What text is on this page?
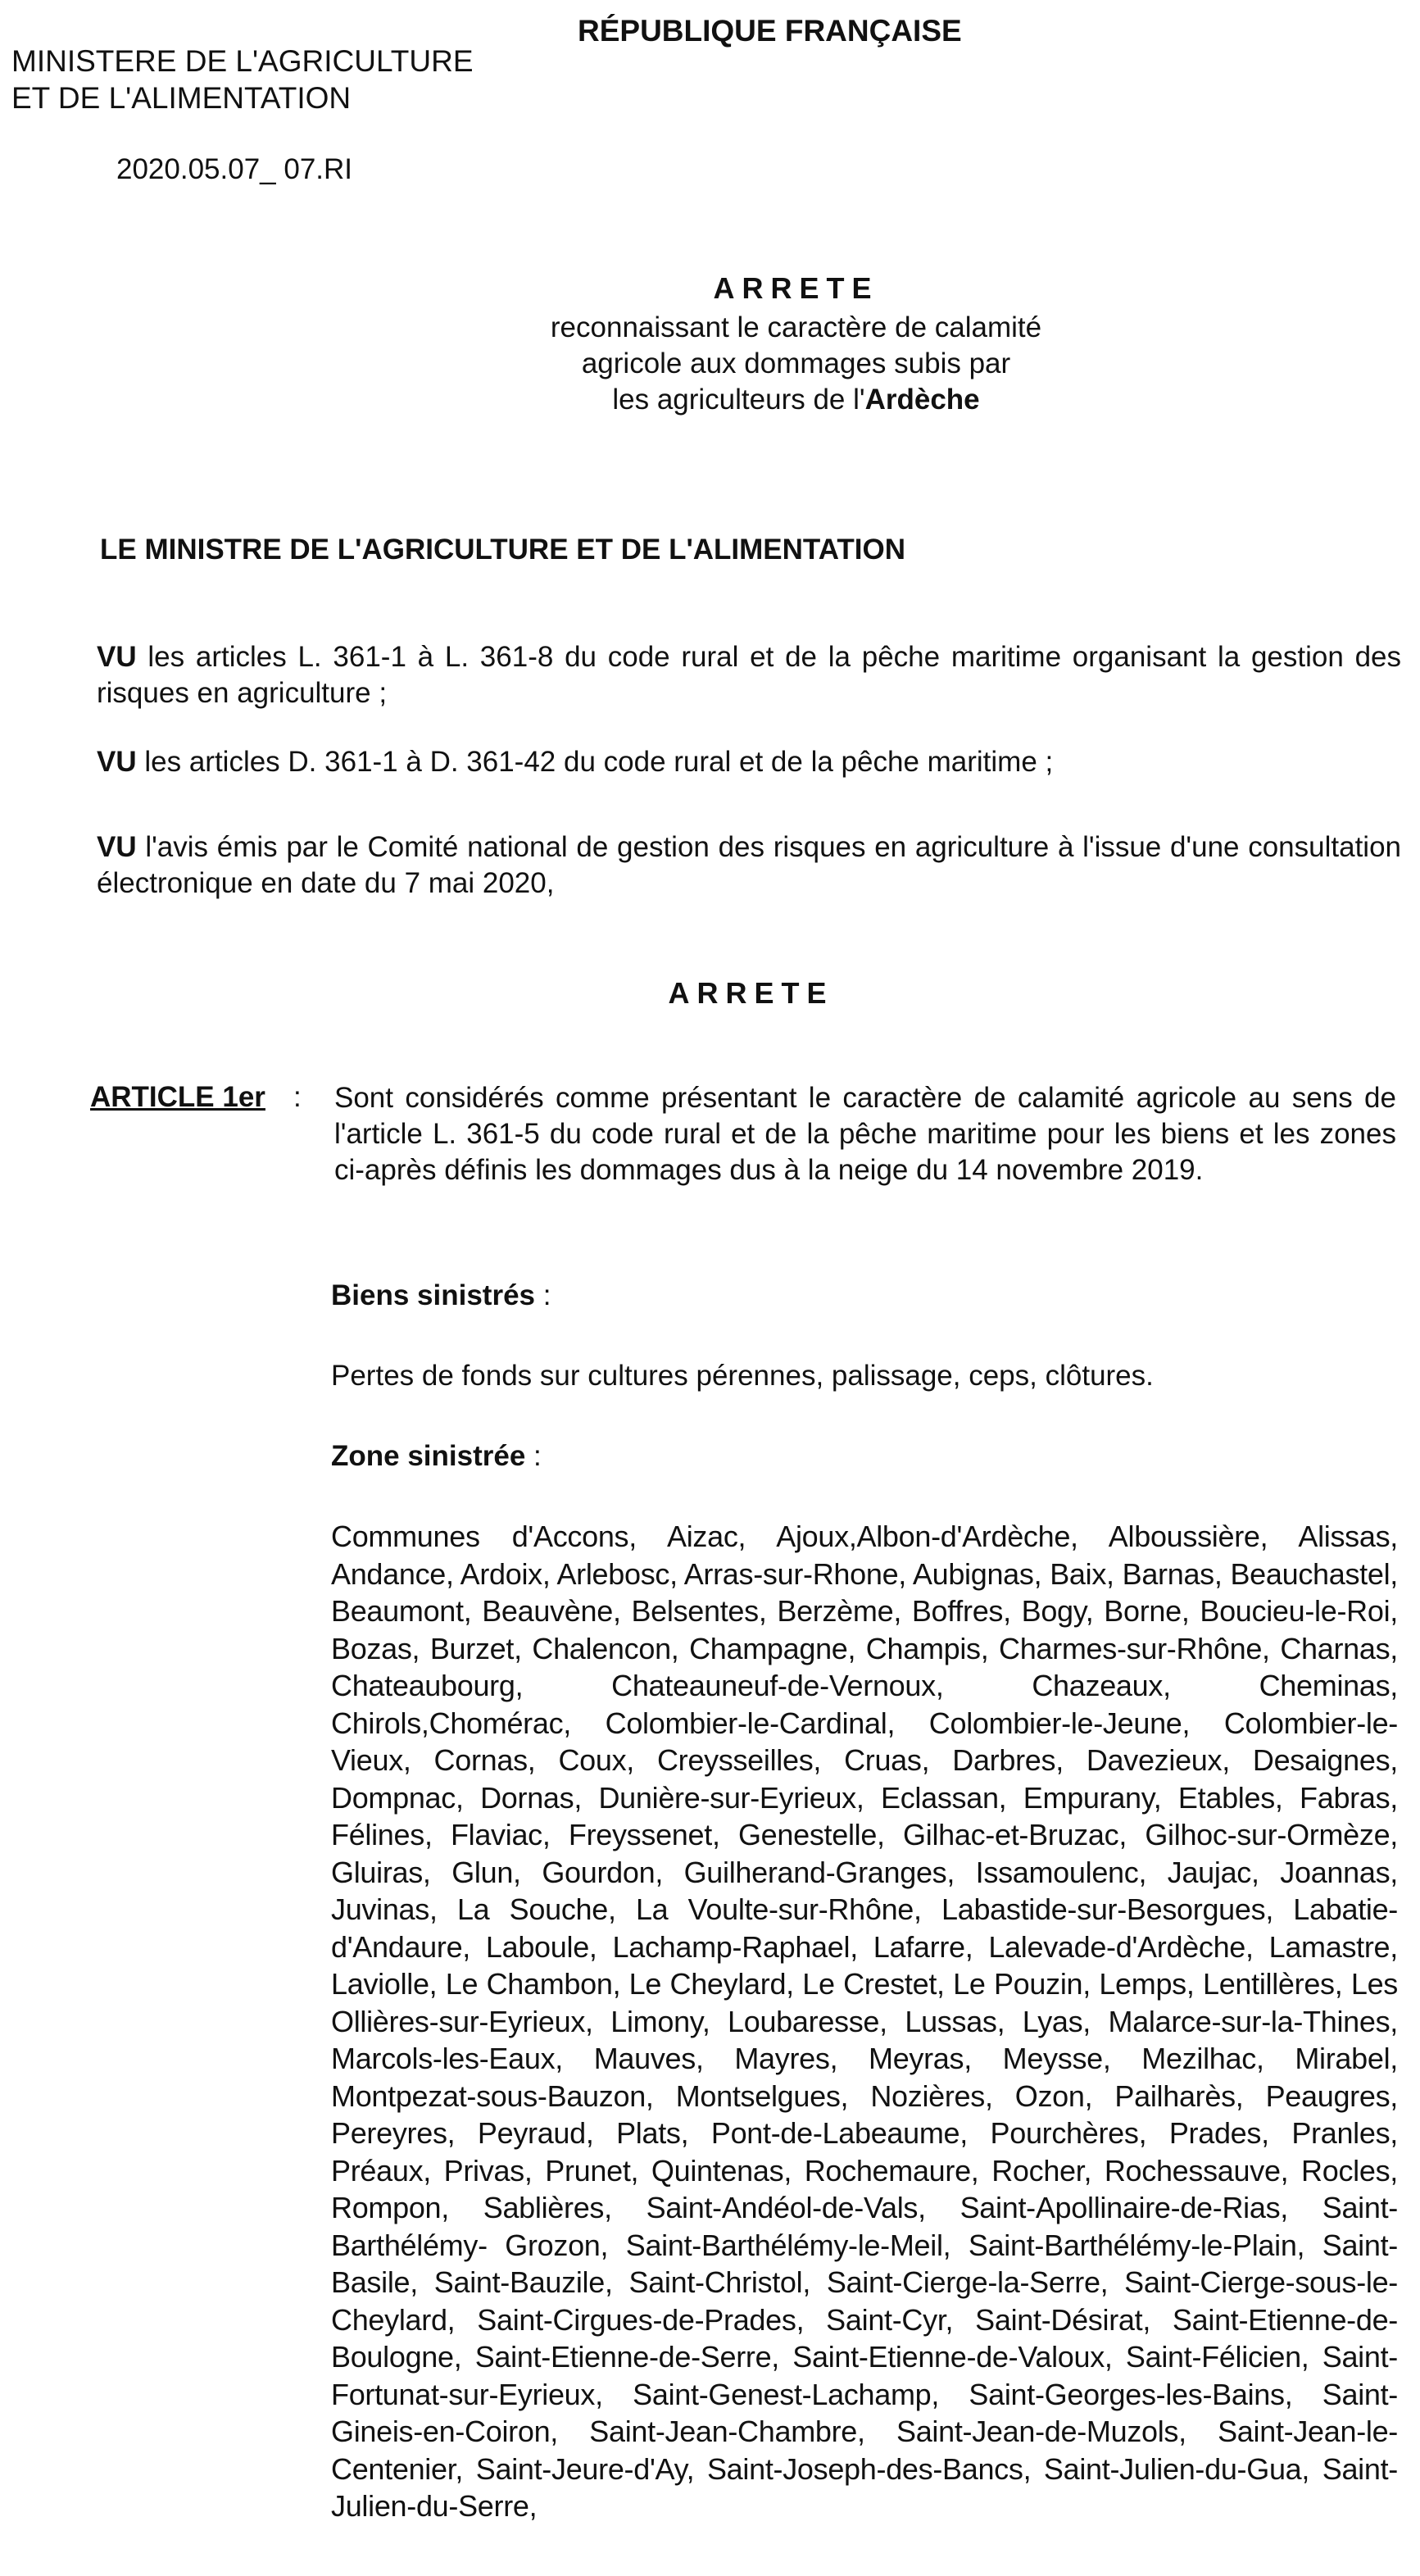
MINISTERE DE L'AGRICULTURE
ET DE L'ALIMENTATION
RÉPUBLIQUE FRANÇAISE
2020.05.07_ 07.RI
ARRETE
reconnaissant le caractère de calamité
agricole aux dommages subis par
les agriculteurs de l'Ardèche
LE MINISTRE DE L'AGRICULTURE ET DE L'ALIMENTATION

VU les articles L. 361-1 à L. 361-8 du code rural et de la pêche maritime organisant la gestion des risques en agriculture ;

VU les articles D. 361-1 à D. 361-42 du code rural et de la pêche maritime ;

VU l'avis émis par le Comité national de gestion des risques en agriculture à l'issue d'une consultation électronique en date du 7 mai 2020,

ARRETE
ARTICLE 1er : Sont considérés comme présentant le caractère de calamité agricole au sens de l'article L. 361-5 du code rural et de la pêche maritime pour les biens et les zones ci-après définis les dommages dus à la neige du 14 novembre 2019.

Biens sinistrés :
Pertes de fonds sur cultures pérennes, palissage, ceps, clôtures.
Zone sinistrée :

Communes d'Accons, Aizac, Ajoux,Albon-d'Ardèche, Alboussière, Alissas, Andance, Ardoix, Arlebosc, Arras-sur-Rhone, Aubignas, Baix, Barnas, Beauchastel, Beaumont, Beauvène, Belsentes, Berzème, Boffres, Bogy, Borne, Boucieu-le-Roi, Bozas, Burzet, Chalencon, Champagne, Champis, Charmes-sur-Rhône, Charnas, Chateaubourg, Chateauneuf-de-Vernoux, Chazeaux, Cheminas, Chirols,Chomérac, Colombier-le-Cardinal, Colombier-le-Jeune, Colombier-le-Vieux, Cornas, Coux, Creysseilles, Cruas, Darbres, Davezieux, Desaignes, Dompnac, Dornas, Dunière-sur-Eyrieux, Eclassan, Empurany, Etables, Fabras, Félines, Flaviac, Freyssenet, Genestelle, Gilhac-et-Bruzac, Gilhoc-sur-Ormèze, Gluiras, Glun, Gourdon, Guilherand-Granges, Issamoulenc, Jaujac, Joannas, Juvinas, La Souche, La Voulte-sur-Rhône, Labastide-sur-Besorgues, Labatie-d'Andaure, Laboule, Lachamp-Raphael, Lafarre, Lalevade-d'Ardèche, Lamastre, Laviolle, Le Chambon, Le Cheylard, Le Crestet, Le Pouzin, Lemps, Lentillères, Les Ollières-sur-Eyrieux, Limony, Loubaresse, Lussas, Lyas, Malarce-sur-la-Thines, Marcols-les-Eaux, Mauves, Mayres, Meyras, Meysse, Mezilhac, Mirabel, Montpezat-sous-Bauzon, Montselgues, Nozières, Ozon, Pailharès, Peaugres, Pereyres, Peyraud, Plats, Pont-de-Labeaume, Pourchères, Prades, Pranles, Préaux, Privas, Prunet, Quintenas, Rochemaure, Rocher, Rochessauve, Rocles, Rompon, Sablières, Saint-Andéol-de-Vals, Saint-Apollinaire-de-Rias, Saint-Barthélémy- Grozon, Saint-Barthélémy-le-Meil, Saint-Barthélémy-le-Plain, Saint-Basile, Saint-Bauzile, Saint-Christol, Saint-Cierge-la-Serre, Saint-Cierge-sous-le-Cheylard, Saint-Cirgues-de-Prades, Saint-Cyr, Saint-Désirat, Saint-Etienne-de-Boulogne, Saint-Etienne-de-Serre, Saint-Etienne-de-Valoux, Saint-Félicien, Saint-Fortunat-sur-Eyrieux, Saint-Genest-Lachamp, Saint-Georges-les-Bains, Saint-Gineis-en-Coiron, Saint-Jean-Chambre, Saint-Jean-de-Muzols, Saint-Jean-le-Centenier, Saint-Jeure-d'Ay, Saint-Joseph-des-Bancs, Saint-Julien-du-Gua, Saint-Julien-du-Serre,
